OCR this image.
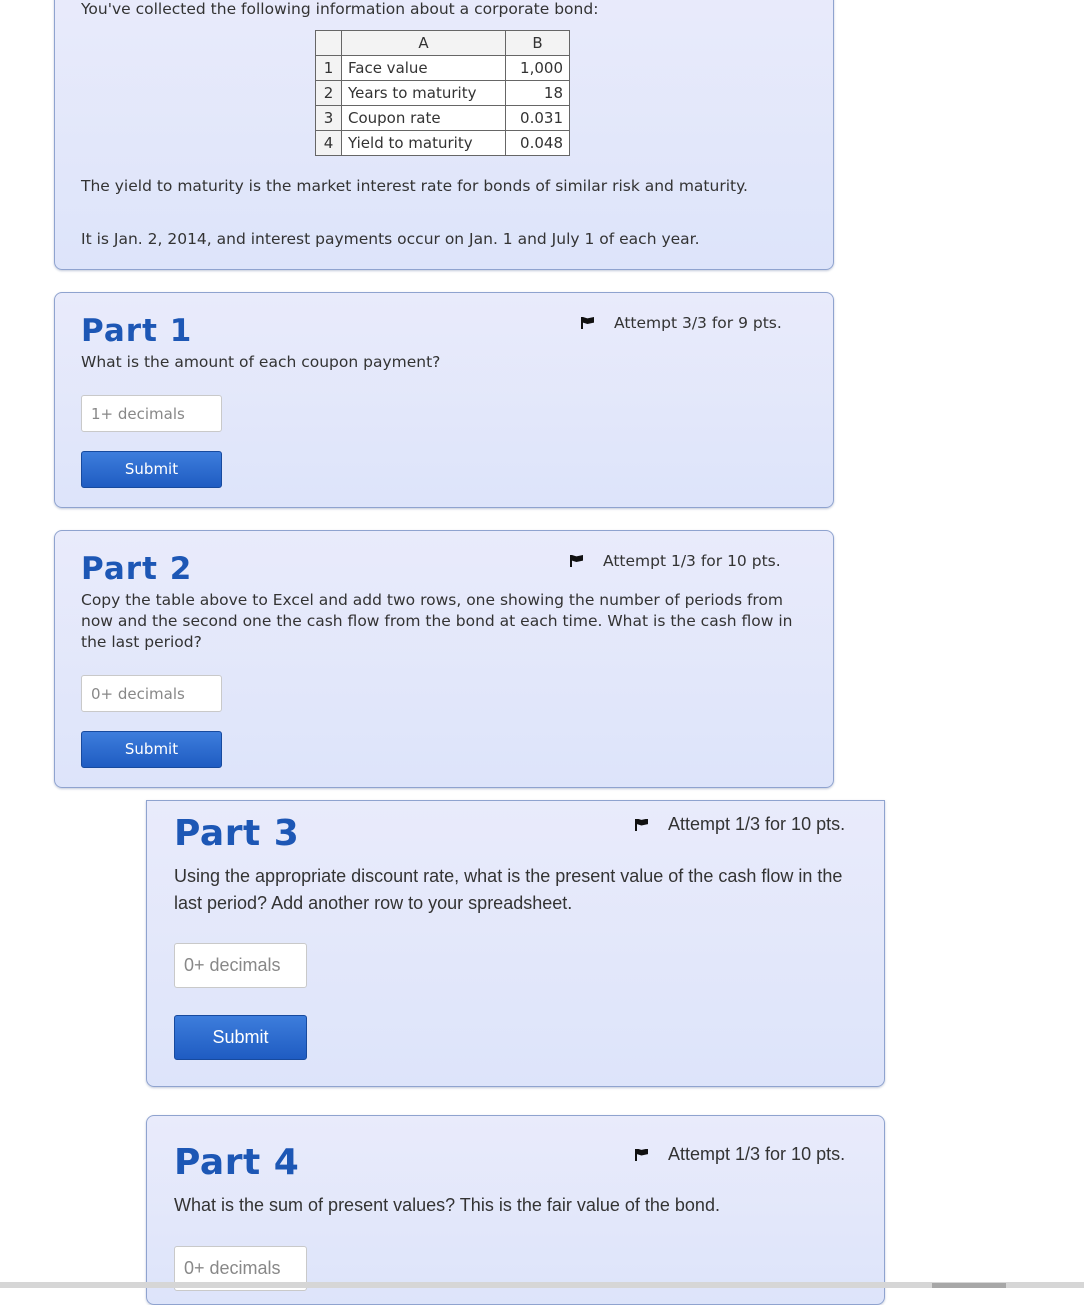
You've collected the following information about a corporate bond:
	A	B
1	Face value	1,000
2	Years to maturity	18
3	Coupon rate	0.031
4	Yield to maturity	0.048
The yield to maturity is the market interest rate for bonds of similar risk and maturity.
It is Jan. 2, 2014, and interest payments occur on Jan. 1 and July 1 of each year.
Part 1	Attempt 3/3 for 9 pts.
What is the amount of each coupon payment?
1+ decimals
Submit
Part 2	Attempt 1/3 for 10 pts.
Copy the table above to Excel and add two rows, one showing the number of periods from now and the second one the cash flow from the bond at each time. What is the cash flow in the last period?
0+ decimals
Submit
Part 3	Attempt 1/3 for 10 pts.
Using the appropriate discount rate, what is the present value of the cash flow in the last period? Add another row to your spreadsheet.
0+ decimals
Submit
Part 4	Attempt 1/3 for 10 pts.
What is the sum of present values? This is the fair value of the bond.
0+ decimals
